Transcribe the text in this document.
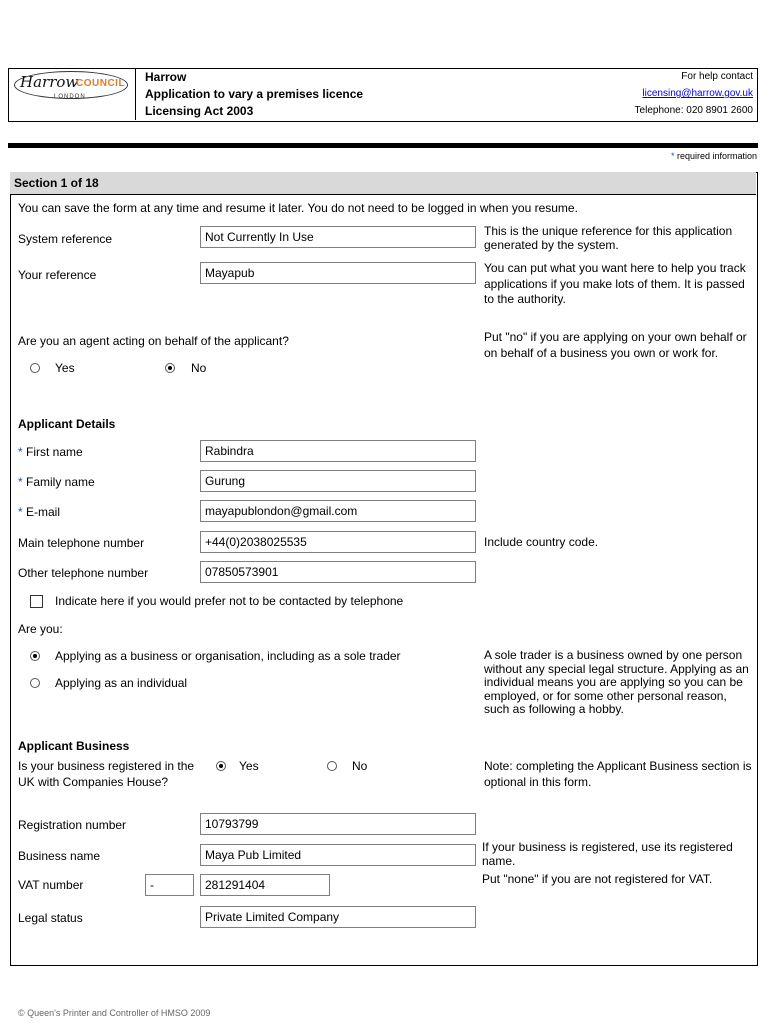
Harrow
COUNCIL
LONDON
Harrow
Application to vary a premises licence
Licensing Act 2003
For help contact
licensing@harrow.gov.uk
Telephone: 020 8901 2600
* required information
Section 1 of 18
You can save the form at any time and resume it later. You do not need to be logged in when you resume.
System reference	Not Currently In Use	This is the unique reference for this application generated by the system.
Your reference	Mayapub	You can put what you want here to help you track applications if you make lots of them. It is passed to the authority.
Are you an agent acting on behalf of the applicant?
Yes	No
Put "no" if you are applying on your own behalf or on behalf of a business you own or work for.
Applicant Details
* First name	Rabindra
* Family name	Gurung
* E-mail	mayapublondon@gmail.com
Main telephone number	+44(0)2038025535	Include country code.
Other telephone number	07850573901
Indicate here if you would prefer not to be contacted by telephone
Are you:
Applying as a business or organisation, including as a sole trader
Applying as an individual
A sole trader is a business owned by one person without any special legal structure. Applying as an individual means you are applying so you can be employed, or for some other personal reason, such as following a hobby.
Applicant Business
Is your business registered in the UK with Companies House?
Yes	No	Note: completing the Applicant Business section is optional in this form.
Registration number	10793799
Business name	Maya Pub Limited
If your business is registered, use its registered name.
VAT number	-	281291404	Put "none" if you are not registered for VAT.
Legal status	Private Limited Company
© Queen's Printer and Controller of HMSO 2009
